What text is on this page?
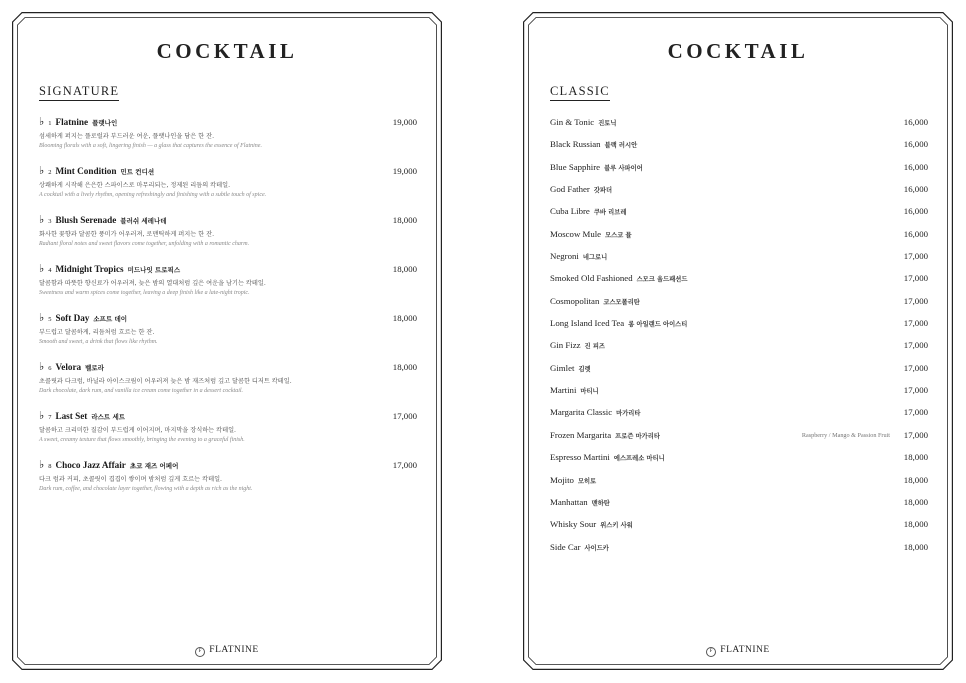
COCKTAIL
SIGNATURE
♭ 1 Flatnine 플랫나인
섬세하게 퍼지는 플로럴과 부드러운 여운, 플랫나인을 담은 한 잔.
Blooming florals with a soft, lingering finish — a glass that captures the essence of Flatnine.
19,000
♭ 2 Mint Condition 민트 컨디션
상쾌하게 시작해 은은한 스파이스로 마무리되는, 정제된 리듬의 칵테일.
A cocktail with a lively rhythm, opening refreshingly and finishing with a subtle touch of spice.
19,000
♭ 3 Blush Serenade 블러쉬 세레나데
화사한 꽃향과 달콤한 풍미가 어우러져, 로맨틱하게 퍼지는 한 잔.
Radiant floral notes and sweet flavors come together, unfolding with a romantic charm.
18,000
♭ 4 Midnight Tropics 미드나잇 트로픽스
달콤함과 따뜻한 향신료가 어우러져, 늦은 밤의 열대처럼 깊은 여운을 남기는 칵테일.
Sweetness and warm spices come together, leaving a deep finish like a late-night tropic.
18,000
♭ 5 Soft Day 소프트 데이
부드럽고 달콤하게, 리듬처럼 흐르는 한 잔.
Smooth and sweet, a drink that flows like rhythm.
18,000
♭ 6 Velora 벨로라
초콜릿과 다크럼, 바닐라 아이스크림이 어우러져 늦은 밤 재즈처럼 깊고 달콤한 디저트 칵테일.
Dark chocolate, dark rum, and vanilla ice cream come together in a dessert cocktail.
18,000
♭ 7 Last Set 라스트 세트
달콤하고 크리미한 질감이 부드럽게 이어지며, 마지막을 장식하는 칵테일.
A sweet, creamy texture that flows smoothly, bringing the evening to a graceful finish.
17,000
♭ 8 Choco Jazz Affair 초코 재즈 어페어
다크 럼과 커피, 초콜릿이 겹겹이 쌓이며 밤처럼 깊게 흐르는 칵테일.
Dark rum, coffee, and chocolate layer together, flowing with a depth as rich as the night.
17,000
F FLATNINE
COCKTAIL
CLASSIC
Gin & Tonic 진토닉	16,000
Black Russian 블랙 러시안	16,000
Blue Sapphire 블루 사파이어	16,000
God Father 갓파더	16,000
Cuba Libre 쿠바 리브레	16,000
Moscow Mule 모스코 뮬	16,000
Negroni 네그로니	17,000
Smoked Old Fashioned 스모크 올드패션드	17,000
Cosmopolitan 코스모폴리탄	17,000
Long Island Iced Tea 롱 아일랜드 아이스티	17,000
Gin Fizz 진 피즈	17,000
Gimlet 김렛	17,000
Martini 마티니	17,000
Margarita Classic 마가리타	17,000
Frozen Margarita 프로즌 마가리타	Raspberry / Mango & Passion Fruit 17,000
Espresso Martini 에스프레소 마티니	18,000
Mojito 모히토	18,000
Manhattan 맨하탄	18,000
Whisky Sour 위스키 사워	18,000
Side Car 사이드카	18,000
F FLATNINE
